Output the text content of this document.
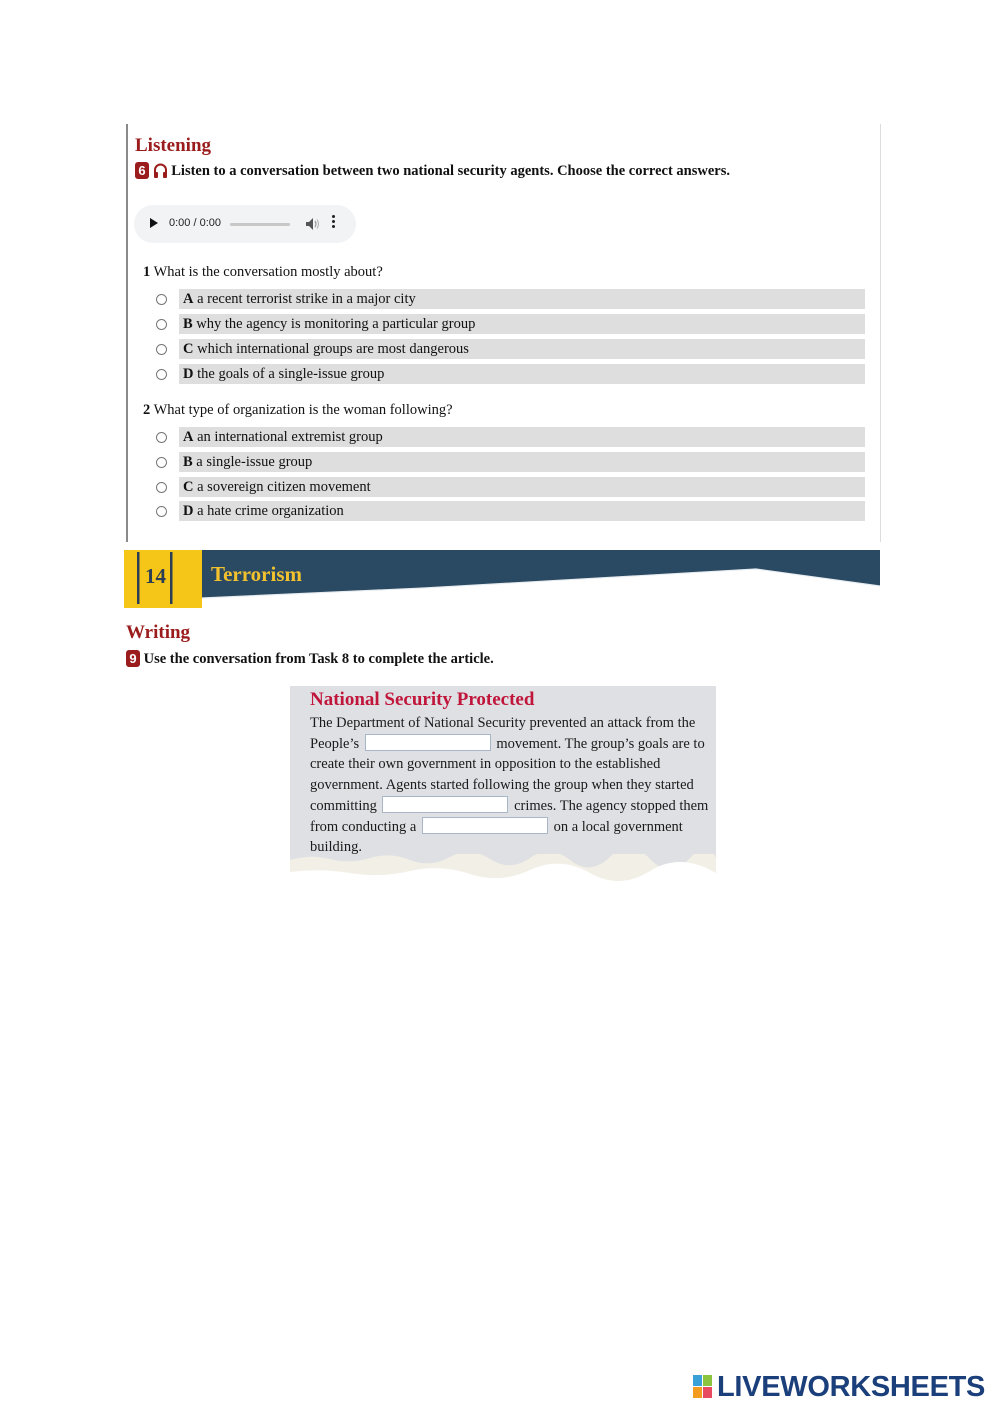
Listening
6 Listen to a conversation between two national security agents. Choose the correct answers.
0:00 / 0:00
1 What is the conversation mostly about?
A a recent terrorist strike in a major city
B why the agency is monitoring a particular group
C which international groups are most dangerous
D the goals of a single-issue group
2 What type of organization is the woman following?
A an international extremist group
B a single-issue group
C a sovereign citizen movement
D a hate crime organization
14 Terrorism
Writing
9 Use the conversation from Task 8 to complete the article.
National Security Protected
The Department of National Security prevented an attack from the
People’s	movement. The group’s goals are to
create their own government in opposition to the established
government. Agents started following the group when they started
committing	crimes. The agency stopped them
from conducting a	on a local government
building.
LIVEWORKSHEETS
